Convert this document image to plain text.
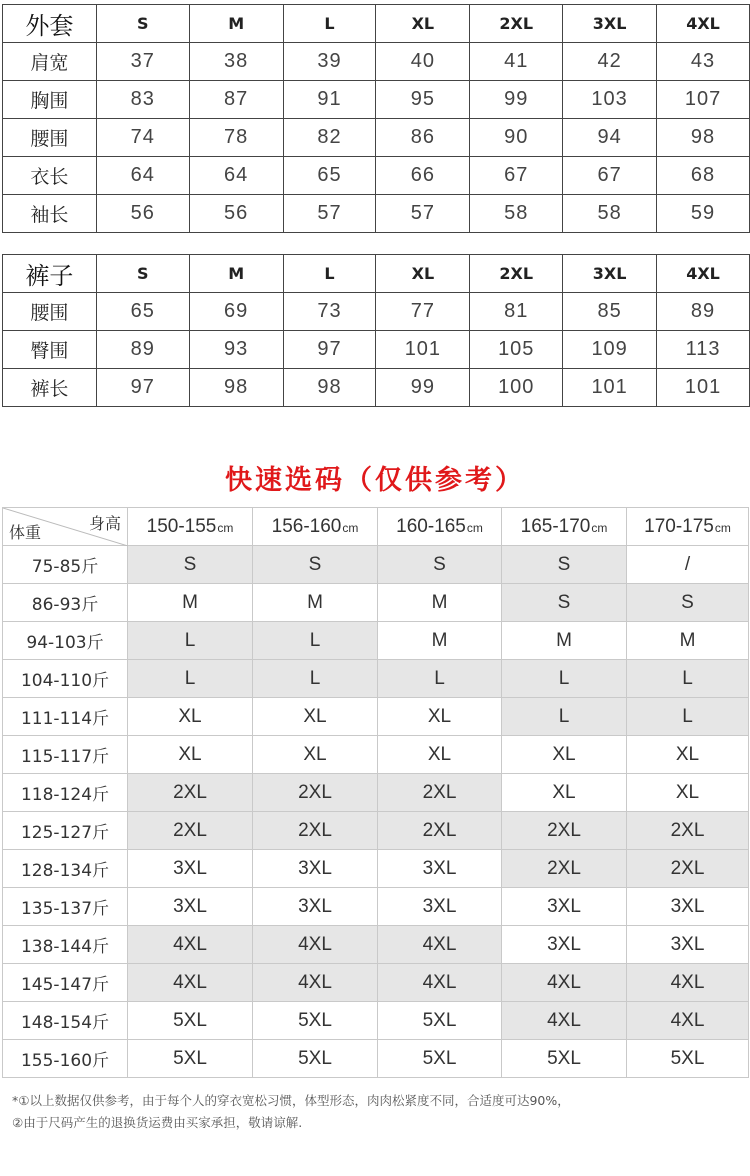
外套	S	M	L	XL	2XL	3XL	4XL
肩宽	37	38	39	40	41	42	43
胸围	83	87	91	95	99	103	107
腰围	74	78	82	86	90	94	98
衣长	64	64	65	66	67	67	68
袖长	56	56	57	57	58	58	59
裤子	S	M	L	XL	2XL	3XL	4XL
腰围	65	69	73	77	81	85	89
臀围	89	93	97	101	105	109	113
裤长	97	98	98	99	100	101	101
快速选码（仅供参考）
身高
体重	150-155cm	156-160cm	160-165cm	165-170cm	170-175cm
75-85斤	S	S	S	S	/
86-93斤	M	M	M	S	S
94-103斤	L	L	M	M	M
104-110斤	L	L	L	L	L
111-114斤	XL	XL	XL	L	L
115-117斤	XL	XL	XL	XL	XL
118-124斤	2XL	2XL	2XL	XL	XL
125-127斤	2XL	2XL	2XL	2XL	2XL
128-134斤	3XL	3XL	3XL	2XL	2XL
135-137斤	3XL	3XL	3XL	3XL	3XL
138-144斤	4XL	4XL	4XL	3XL	3XL
145-147斤	4XL	4XL	4XL	4XL	4XL
148-154斤	5XL	5XL	5XL	4XL	4XL
155-160斤	5XL	5XL	5XL	5XL	5XL
*①以上数据仅供参考，由于每个人的穿衣宽松习惯，体型形态，肉肉松紧度不同，合适度可达90%，
②由于尺码产生的退换货运费由买家承担，敬请谅解.
